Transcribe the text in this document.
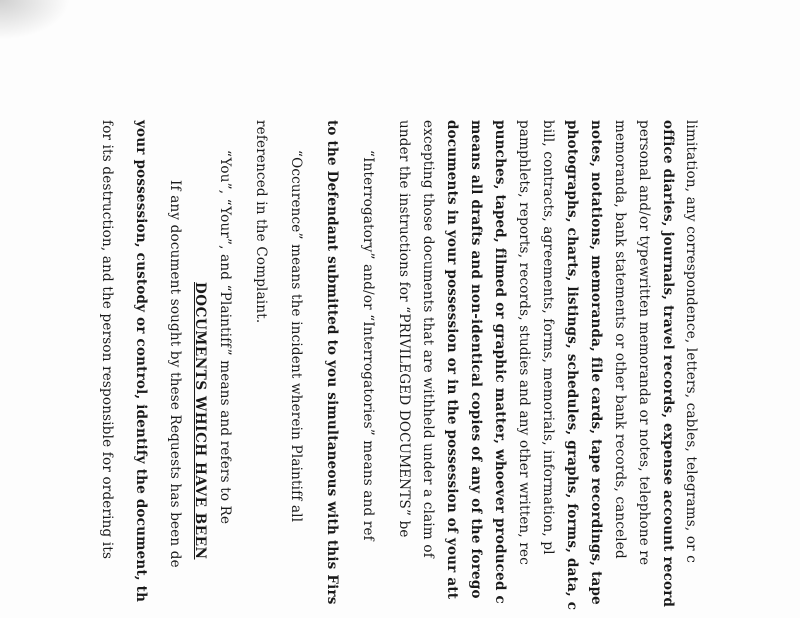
limitation, any correspondence, letters, cables, telegrams, or c
office diaries, journals, travel records, expense account record
personal and/or typewritten memoranda or notes, telephone re
memoranda, bank statements or other bank records, canceled
notes, notations, memoranda, file cards, tape recordings, tape
photographs, charts, listings, schedules, graphs, forms, data, c
bill, contracts, agreements, forms, memorials, information, pl
pamphlets, reports, records, studies and any other written, rec
punches, taped, filmed or graphic matter, whoever produced c
means all drafts and non-identical copies of any of the forego
documents in your possession or in the possession of your att
excepting those documents that are withheld under a claim of
under the instructions for “PRIVILEGED DOCUMENTS” be
“Interrogatory” and/or “Interrogatories” means and ref
to the Defendant submitted to you simultaneous with this Firs
“Occurence” means the incident wherein Plaintiff all
referenced in the Complaint.
“You”, “Your”, and “Plaintiff” means and refers to Re
DOCUMENTS WHICH HAVE BEEN
If any document sought by these Requests has been de
your possession, custody or control, identify the document, th
for its destruction, and the person responsible for ordering its
